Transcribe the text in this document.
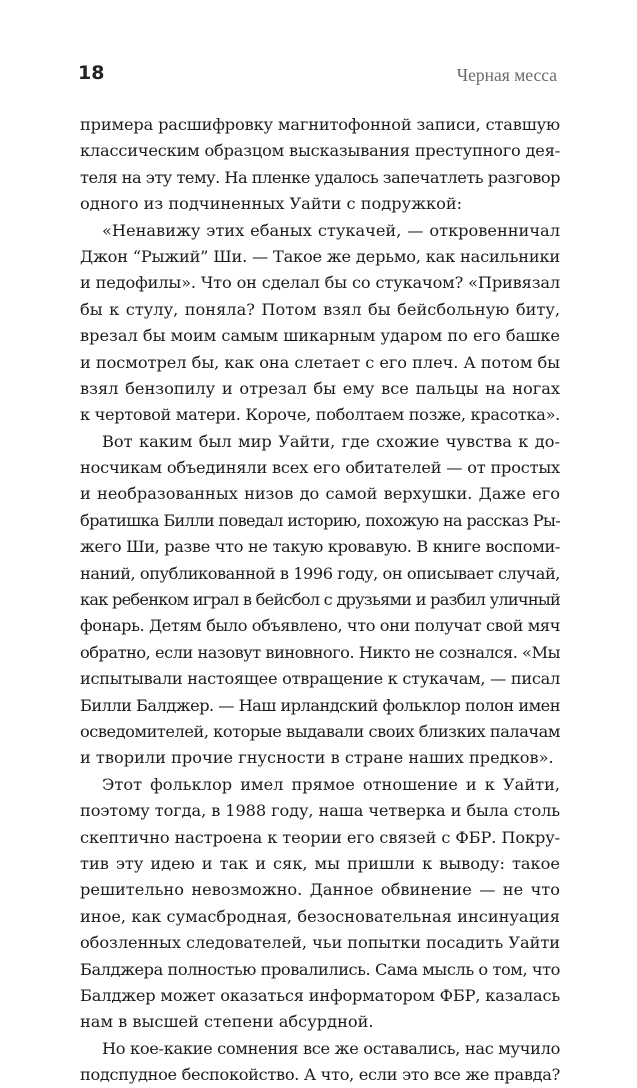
18	Черная месса
примера расшифровку магнитофонной записи, ставшую
классическим образцом высказывания преступного дея-
теля на эту тему. На пленке удалось запечатлеть разговор
одного из подчиненных Уайти с подружкой:
«Ненавижу этих ебаных стукачей, — откровенничал
Джон “Рыжий” Ши. — Такое же дерьмо, как насильники
и педофилы». Что он сделал бы со стукачом? «Привязал
бы к стулу, поняла? Потом взял бы бейсбольную биту,
врезал бы моим самым шикарным ударом по его башке
и посмотрел бы, как она слетает с его плеч. А потом бы
взял бензопилу и отрезал бы ему все пальцы на ногах
к чертовой матери. Короче, поболтаем позже, красотка».
Вот каким был мир Уайти, где схожие чувства к до-
носчикам объединяли всех его обитателей — от простых
и необразованных низов до самой верхушки. Даже его
братишка Билли поведал историю, похожую на рассказ Ры-
жего Ши, разве что не такую кровавую. В книге воспоми-
наний, опубликованной в 1996 году, он описывает случай,
как ребенком играл в бейсбол с друзьями и разбил уличный
фонарь. Детям было объявлено, что они получат свой мяч
обратно, если назовут виновного. Никто не сознался. «Мы
испытывали настоящее отвращение к стукачам, — писал
Билли Балджер. — Наш ирландский фольклор полон имен
осведомителей, которые выдавали своих близких палачам
и творили прочие гнусности в стране наших предков».
Этот фольклор имел прямое отношение и к Уайти,
поэтому тогда, в 1988 году, наша четверка и была столь
скептично настроена к теории его связей с ФБР. Покру-
тив эту идею и так и сяк, мы пришли к выводу: такое
решительно невозможно. Данное обвинение — не что
иное, как сумасбродная, безосновательная инсинуация
обозленных следователей, чьи попытки посадить Уайти
Балджера полностью провалились. Сама мысль о том, что
Балджер может оказаться информатором ФБР, казалась
нам в высшей степени абсурдной.
Но кое-какие сомнения все же оставались, нас мучило
подспудное беспокойство. А что, если это все же правда?
